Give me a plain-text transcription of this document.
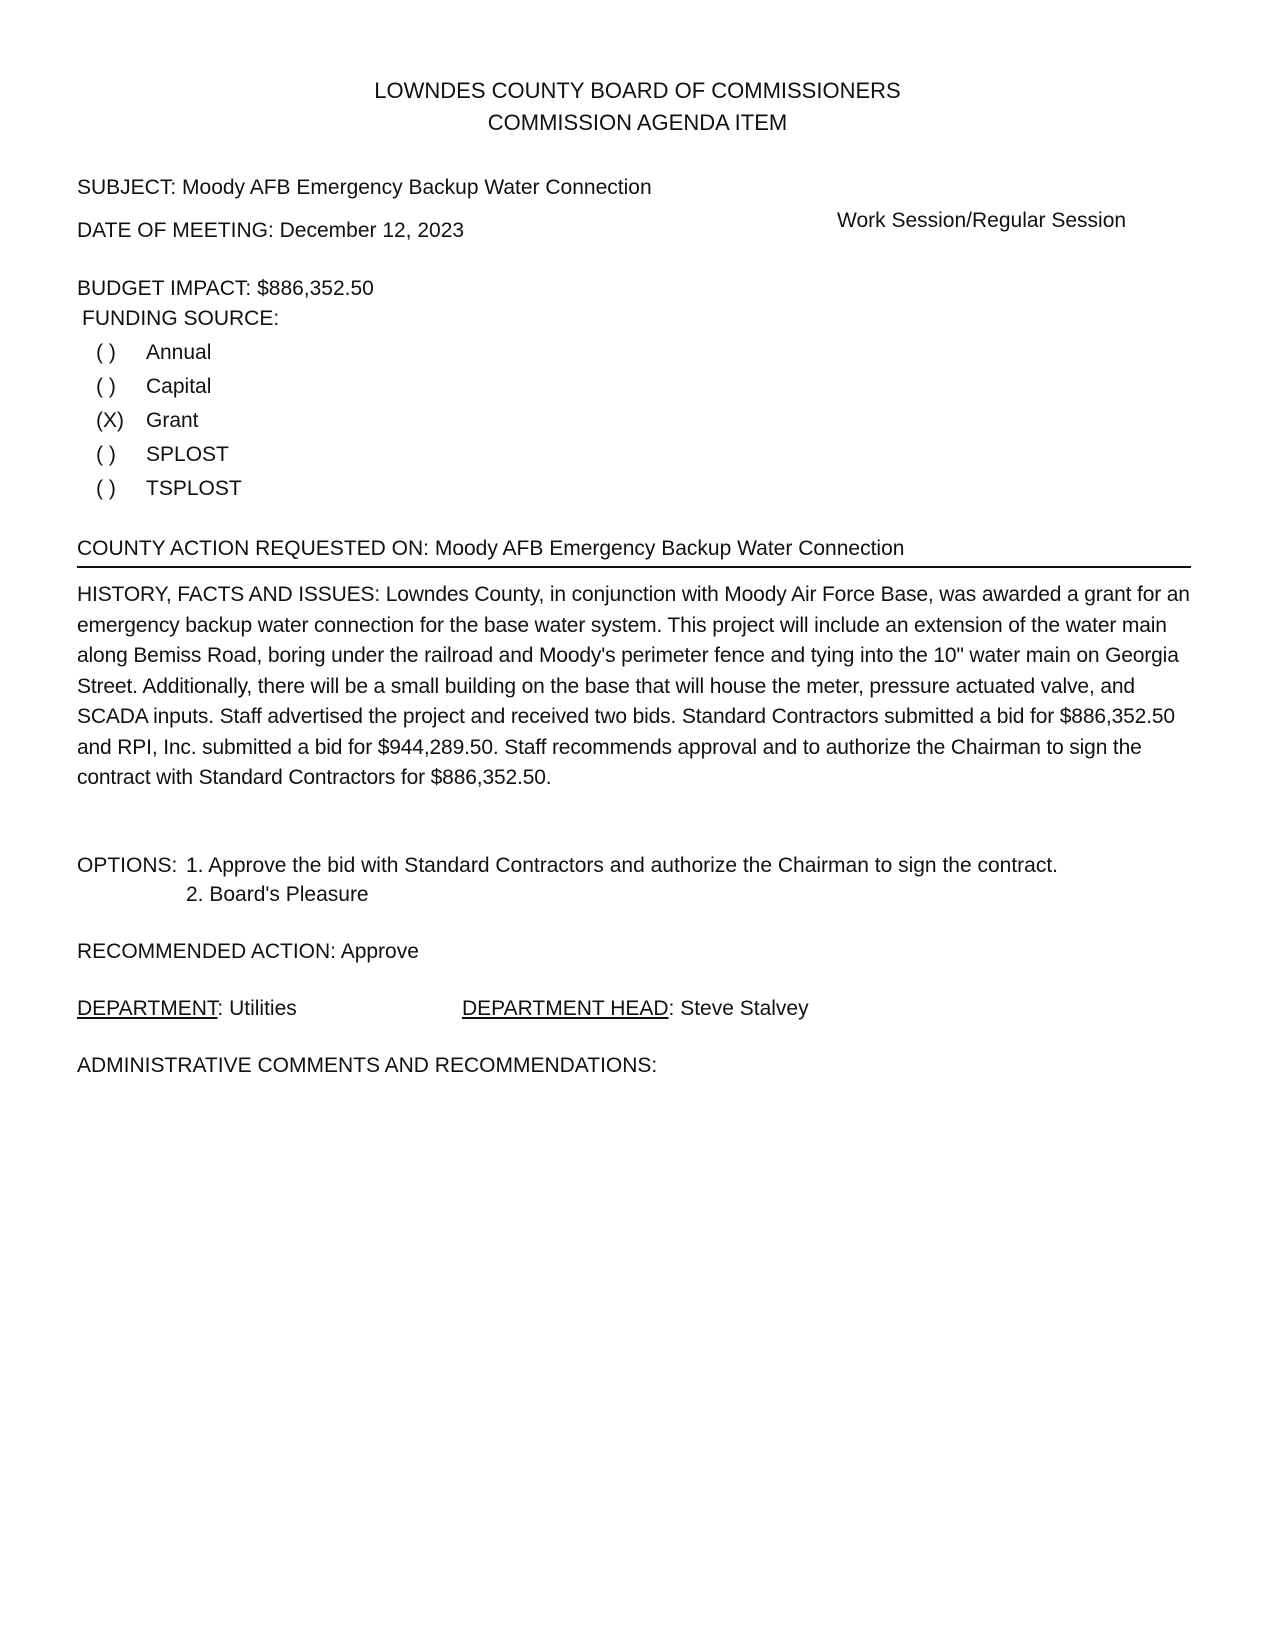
LOWNDES COUNTY BOARD OF COMMISSIONERS
COMMISSION AGENDA ITEM
SUBJECT: Moody AFB Emergency Backup Water Connection
DATE OF MEETING: December 12, 2023	Work Session/Regular Session
BUDGET IMPACT: $886,352.50
FUNDING SOURCE:
( ) Annual
( ) Capital
(X) Grant
( ) SPLOST
( ) TSPLOST
COUNTY ACTION REQUESTED ON: Moody AFB Emergency Backup Water Connection
HISTORY, FACTS AND ISSUES: Lowndes County, in conjunction with Moody Air Force Base, was awarded a grant for an emergency backup water connection for the base water system. This project will include an extension of the water main along Bemiss Road, boring under the railroad and Moody's perimeter fence and tying into the 10" water main on Georgia Street. Additionally, there will be a small building on the base that will house the meter, pressure actuated valve, and SCADA inputs. Staff advertised the project and received two bids. Standard Contractors submitted a bid for $886,352.50 and RPI, Inc. submitted a bid for $944,289.50. Staff recommends approval and to authorize the Chairman to sign the contract with Standard Contractors for $886,352.50.
OPTIONS: 1. Approve the bid with Standard Contractors and authorize the Chairman to sign the contract.
2. Board's Pleasure
RECOMMENDED ACTION: Approve
DEPARTMENT: Utilities	DEPARTMENT HEAD: Steve Stalvey
ADMINISTRATIVE COMMENTS AND RECOMMENDATIONS:
